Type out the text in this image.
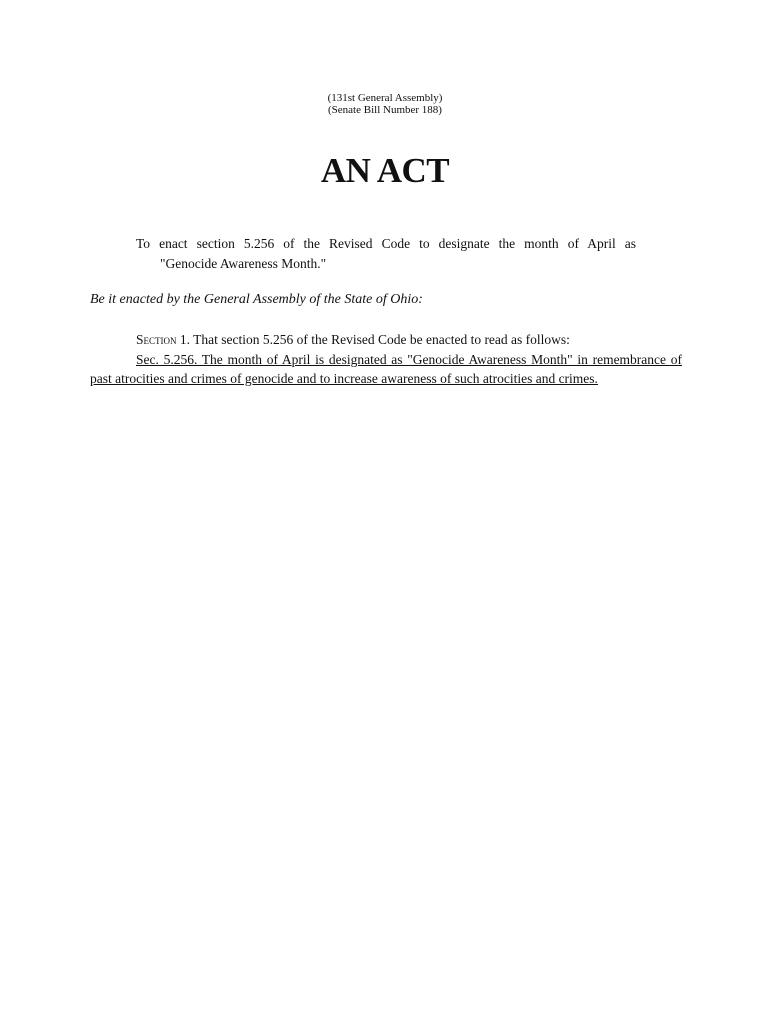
(131st General Assembly)
(Senate Bill Number 188)
AN ACT
To enact section 5.256 of the Revised Code to designate the month of April as
"Genocide Awareness Month."
Be it enacted by the General Assembly of the State of Ohio:
Section 1. That section 5.256 of the Revised Code be enacted to read as follows:
Sec. 5.256. The month of April is designated as "Genocide Awareness Month" in remembrance of past atrocities and crimes of genocide and to increase awareness of such atrocities and crimes.
